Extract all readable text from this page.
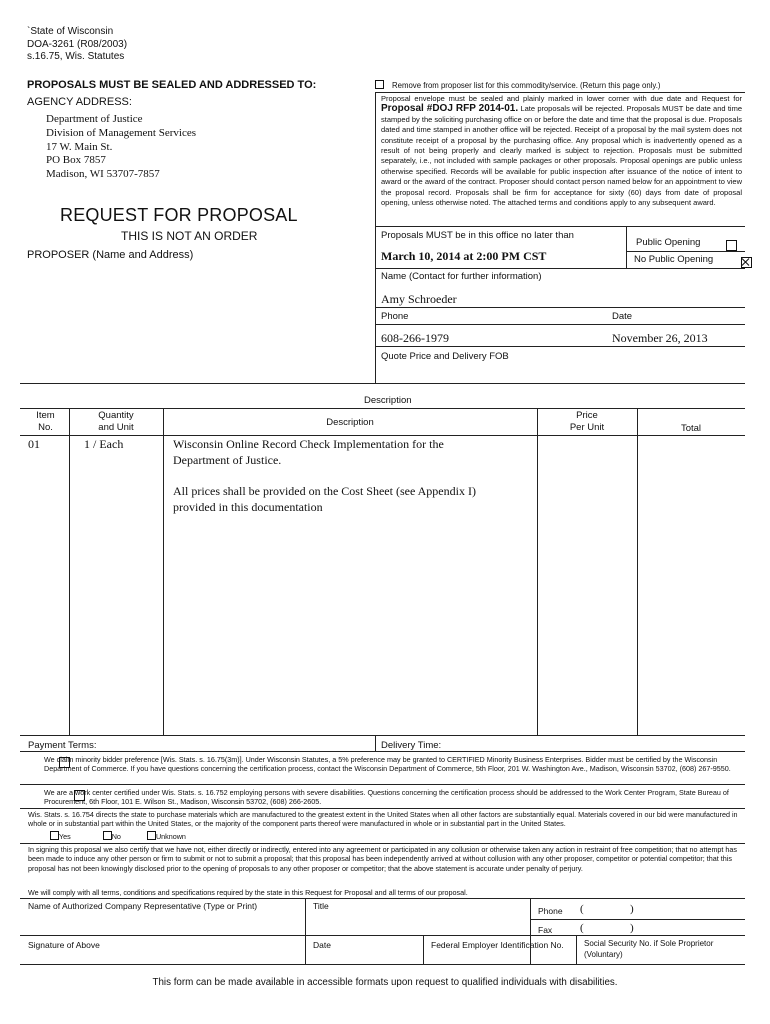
`State of Wisconsin
DOA-3261 (R08/2003)
s.16.75, Wis. Statutes
PROPOSALS MUST BE SEALED AND ADDRESSED TO:
AGENCY ADDRESS:
Department of Justice
Division of Management Services
17 W. Main St.
PO Box 7857
Madison, WI 53707-7857
REQUEST FOR PROPOSAL
THIS IS NOT AN ORDER
PROPOSER (Name and Address)
Remove from proposer list for this commodity/service. (Return this page only.)
Proposal envelope must be sealed and plainly marked in lower corner with due date and Request for Proposal #DOJ RFP 2014-01. Late proposals will be rejected. Proposals MUST be date and time stamped by the soliciting purchasing office on or before the date and time that the proposal is due. Proposals dated and time stamped in another office will be rejected. Receipt of a proposal by the mail system does not constitute receipt of a proposal by the purchasing office. Any proposal which is inadvertently opened as a result of not being properly and clearly marked is subject to rejection. Proposals must be submitted separately, i.e., not included with sample packages or other proposals. Proposal openings are public unless otherwise specified. Records will be available for public inspection after issuance of the notice of intent to award or the award of the contract. Proposer should contact person named below for an appointment to view the proposal record. Proposals shall be firm for acceptance for sixty (60) days from date of proposal opening, unless otherwise noted. The attached terms and conditions apply to any subsequent award.
Proposals MUST be in this office no later than
March 10, 2014 at 2:00 PM CST
Public Opening

No Public Opening

Name (Contact for further information)
Amy Schroeder
Phone	Date
608-266-1979	November 26, 2013
Quote Price and Delivery FOB
Description
Item
No.
Quantity
and Unit	Description
Price
Per Unit	Total
01	1 / Each	Wisconsin Online Record Check Implementation for the
Department of Justice.
All prices shall be provided on the Cost Sheet (see Appendix I)
provided in this documentation
Payment Terms:	Delivery Time:

We claim minority bidder preference [Wis. Stats. s. 16.75(3m)]. Under Wisconsin Statutes, a 5% preference may be granted to CERTIFIED Minority Business Enterprises. Bidder must be certified by the Wisconsin Department of Commerce. If you have questions concerning the certification process, contact the Wisconsin Department of Commerce, 5th Floor, 201 W. Washington Ave., Madison, Wisconsin 53702, (608) 267-9550.
We are a work center certified under Wis. Stats. s. 16.752 employing persons with severe disabilities. Questions concerning the certification process should be addressed to the Work Center Program, State Bureau of Procurement, 6th Floor, 101 E. Wilson St., Madison, Wisconsin 53702, (608) 266-2605.
Wis. Stats. s. 16.754 directs the state to purchase materials which are manufactured to the greatest extent in the United States when all other factors are substantially equal. Materials covered in our bid were manufactured in whole or in substantial part within the United States, or the majority of the component parts thereof were manufactured in whole or in substantial part in the United States.
Yes	No	Unknown
In signing this proposal we also certify that we have not, either directly or indirectly, entered into any agreement or participated in any collusion or otherwise taken any action in restraint of free competition; that no attempt has been made to induce any other person or firm to submit or not to submit a proposal; that this proposal has been independently arrived at without collusion with any other proposer, competitor or potential competitor; that this proposal has not been knowingly disclosed prior to the opening of proposals to any other proposer or competitor; that the above statement is accurate under penalty of perjury.
We will comply with all terms, conditions and specifications required by the state in this Request for Proposal and all terms of our proposal.
Name of Authorized Company Representative (Type or Print)	Title	Phone (	)
Fax	(	)
Signature of Above	Date	Federal Employer Identification No.	Social Security No. if Sole Proprietor (Voluntary)
This form can be made available in accessible formats upon request to qualified individuals with disabilities.
